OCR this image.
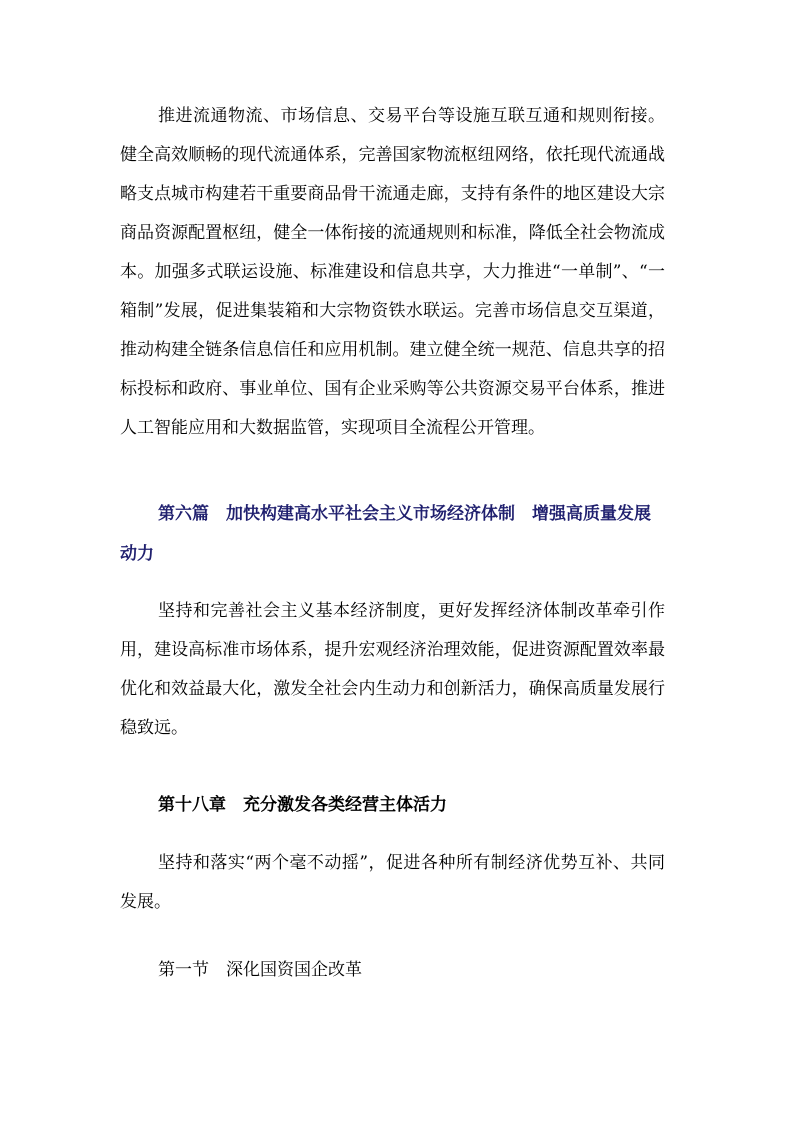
推进流通物流、市场信息、交易平台等设施互联互通和规则衔接。健全高效顺畅的现代流通体系，完善国家物流枢纽网络，依托现代流通战略支点城市构建若干重要商品骨干流通走廊，支持有条件的地区建设大宗商品资源配置枢纽，健全一体衔接的流通规则和标准，降低全社会物流成本。加强多式联运设施、标准建设和信息共享，大力推进“一单制”、“一箱制”发展，促进集装箱和大宗物资铁水联运。完善市场信息交互渠道，推动构建全链条信息信任和应用机制。建立健全统一规范、信息共享的招标投标和政府、事业单位、国有企业采购等公共资源交易平台体系，推进人工智能应用和大数据监管，实现项目全流程公开管理。

第六篇　加快构建高水平社会主义市场经济体制　增强高质量发展动力

坚持和完善社会主义基本经济制度，更好发挥经济体制改革牵引作用，建设高标准市场体系，提升宏观经济治理效能，促进资源配置效率最优化和效益最大化，激发全社会内生动力和创新活力，确保高质量发展行稳致远。

第十八章　充分激发各类经营主体活力

坚持和落实“两个毫不动摇”，促进各种所有制经济优势互补、共同发展。

第一节　深化国资国企改革
